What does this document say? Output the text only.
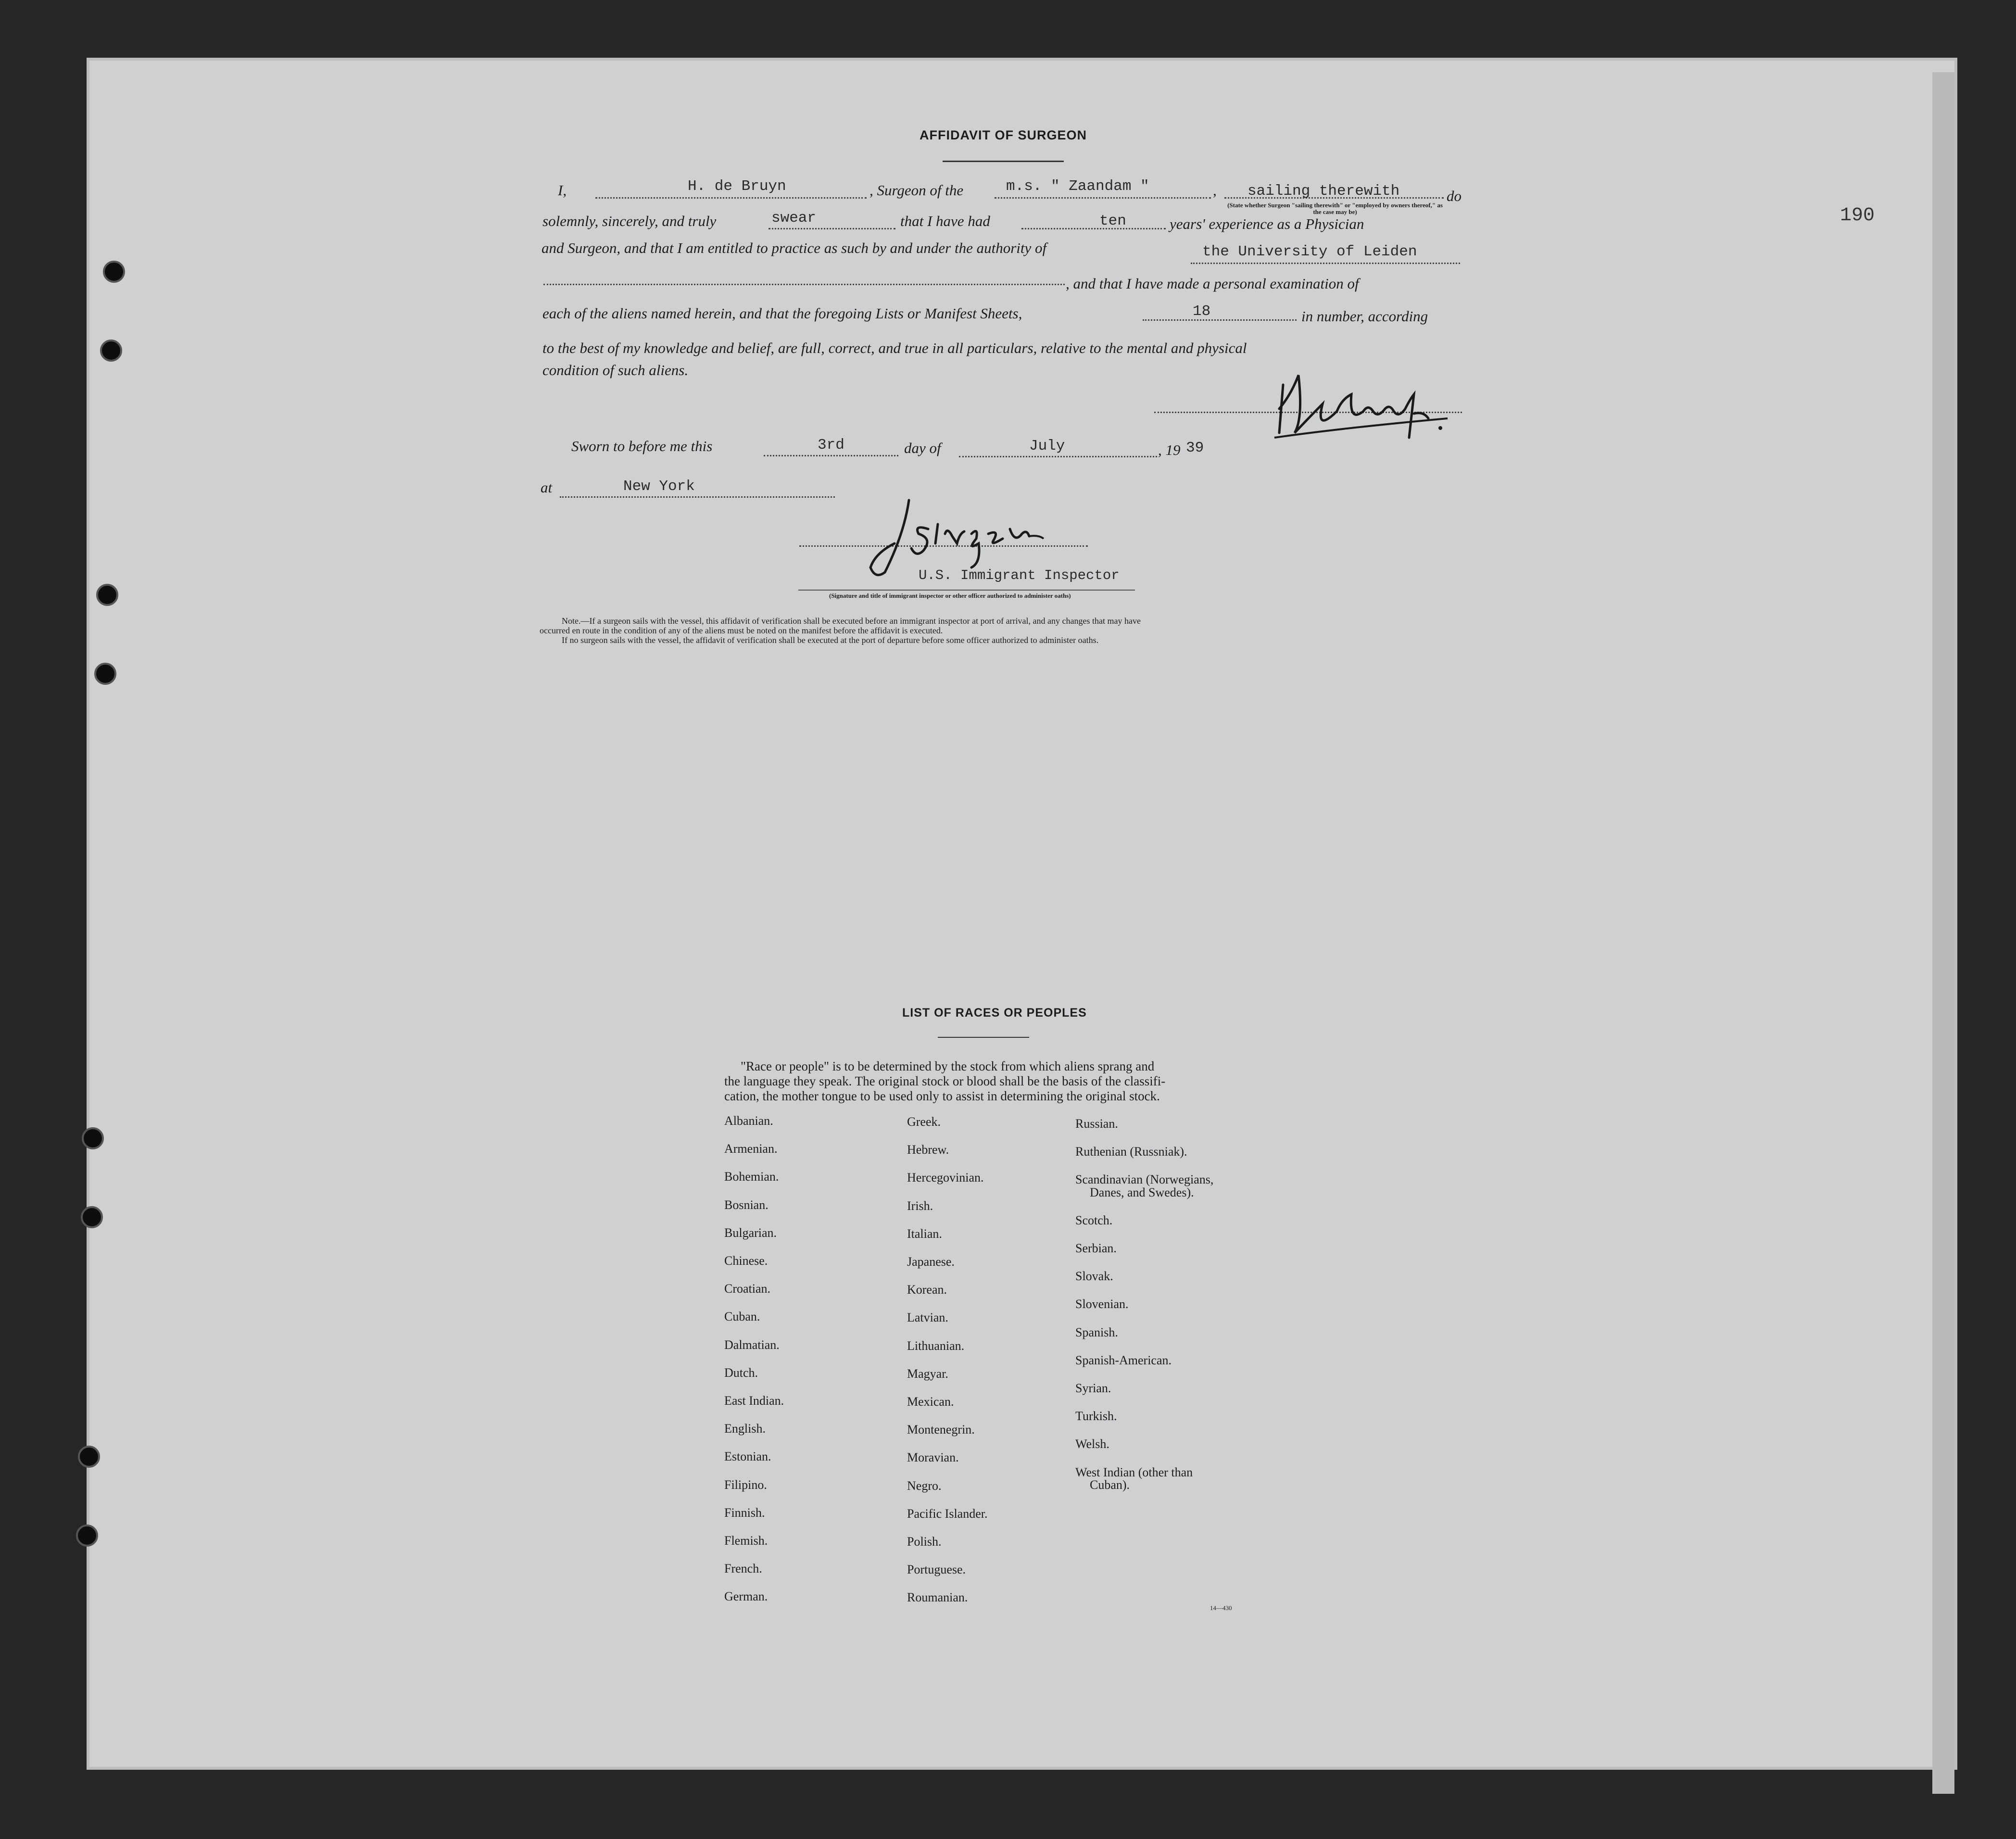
190
AFFIDAVIT OF SURGEON
I,	H. de Bruyn	, Surgeon of the	m.s. " Zaandam "	, sailing therewith	do
(State whether Surgeon "sailing therewith" or "employed by owners thereof," as the case may be)
solemnly, sincerely, and truly	swear	that I have had	ten	years' experience as a Physician
and Surgeon, and that I am entitled to practice as such by and under the authority of	the University of Leiden
, and that I have made a personal examination of
each of the aliens named herein, and that the foregoing Lists or Manifest Sheets,	18	in number, according
to the best of my knowledge and belief, are full, correct, and true in all particulars, relative to the mental and physical
condition of such aliens.
Sworn to before me this	3rd	day of	July	, 19 39
at	New York
U.S. Immigrant Inspector
(Signature and title of immigrant inspector or other officer authorized to administer oaths)
Note.—If a surgeon sails with the vessel, this affidavit of verification shall be executed before an immigrant inspector at port of arrival, and any changes that may have
occurred en route in the condition of any of the aliens must be noted on the manifest before the affidavit is executed.
If no surgeon sails with the vessel, the affidavit of verification shall be executed at the port of departure before some officer authorized to administer oaths.
LIST OF RACES OR PEOPLES
"Race or people" is to be determined by the stock from which aliens sprang and
the language they speak. The original stock or blood shall be the basis of the classifi-
cation, the mother tongue to be used only to assist in determining the original stock.
Albanian.
Armenian.
Bohemian.
Bosnian.
Bulgarian.
Chinese.
Croatian.
Cuban.
Dalmatian.
Dutch.
East Indian.
English.
Estonian.
Filipino.
Finnish.
Flemish.
French.
German.
Greek.
Hebrew.
Hercegovinian.
Irish.
Italian.
Japanese.
Korean.
Latvian.
Lithuanian.
Magyar.
Mexican.
Montenegrin.
Moravian.
Negro.
Pacific Islander.
Polish.
Portuguese.
Roumanian.
Russian.
Ruthenian (Russniak).
Scandinavian (Norwegians,
Danes, and Swedes).
Scotch.
Serbian.
Slovak.
Slovenian.
Spanish.
Spanish-American.
Syrian.
Turkish.
Welsh.
West Indian (other than
Cuban).
14—430
